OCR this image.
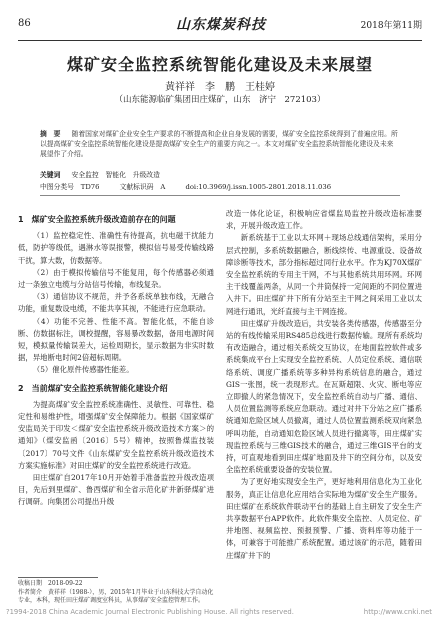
86	山东煤炭科技	2018年第11期
煤矿安全监控系统智能化建设及未来展望
黄祥祥　李　鹏　王桂婷
（山东能源临矿集团田庄煤矿，山东　济宁　272103）
摘　要 　 随着国家对煤矿企业安全生产要求的不断提高和企业自身发展的需要，煤矿安全监控系统得到了普遍应用。所以提高煤矿安全监控系统智能化建设是提高煤矿安全生产的重要方向之一。本文对煤矿安全监控系统智能化建设及未来展望作了介绍。
关键词 　 安全监控　智能化　升级改造
中图分类号　TD76	文献标识码　A	doi:10.3969/j.issn.1005-2801.2018.11.036

1　煤矿安全监控系统升级改造前存在的问题

（1）监控稳定性、准确性有待提高，抗电磁干扰能力低，防护等级低，遇淋水等误报警，模拟信号易受传输线路干扰，算大数，仿数据等。

（2）由于模拟传输信号不能复用，每个传感器必须通过一条独立电缆与分站信号传输，布线复杂。

（3）通信协议不规范，并予各系统单独布线，无融合功能，重复数设电缆，不能共享其视，不能进行应急联动。

（4）功能不完善、性能不高。智能化低，不能自诊断、仿数据标注，调校提醒，容易暴改数据，备用电源时间短，模拟量传输误差大，运检周期长，显示数据为非实时数据，异地断电时间2倍超标周期。

（5）催化原件传感器性能差。

2　当前煤矿安全监控系统智能化建设介绍

为提高煤矿安全监控系统准确性、灵敏性、可靠性、稳定性和易维护性，增强煤矿安全保障能力。根据《国家煤矿安监局关于印发＜煤矿安全监控系统升级改造技术方案＞的通知》（煤安监函〔2016〕5号）精神，按照鲁煤监技装〔2017〕70号文件《山东煤矿安全监控系统升级改造技术方案实施标准》对田庄煤矿的安全监控系统进行改造。

田庄煤矿自2017年10月开始着手准备监控升级改造项目，先后到里煤矿、鲁西煤矿和全省示范化矿井新驿煤矿进行调研。向集团公司提出升级

改造一体化论证，积极响应省煤监局监控升级改造标准要求，开展升级改造工作。

新系统基于工业以太环网＋现场总线通信架构，采用分层式控制，多系统数据融合，断线续传、电源重设、设备故障诊断等技术，部分指标超过同行业水平。作为KJ70X煤矿安全监控系统的专用主干网，不与其他系统共用环网。环网主干线覆盖两条，从同一个井筒保持一定间距的不同位置进入井下。田庄煤矿井下所有分站至主干网之间采用工业以太网进行通讯，光纤直接与主干网连接。

田庄煤矿升级改造后，共安装各类传感器，传感器至分站的有线传输采用RS485总线进行数据传输。现所有系统均有改造融合，通过相关系统交互协议，在地面监控软件或多系统集成平台上实现安全监控系统、人员定位系统、通信联络系统、调度广播系统等多种异构系统信息的融合，通过GIS一张图，统一表现形式。在瓦斯超限、火灾、断电等应立即撤人的紧急情况下，安全监控系统自动与广播、通信、人员位置监测等系统应急联动。通过对井下分站之应广播系统通知危险区域人员撤离，通过人员位置监测系统双向紧急呼叫功能，自动通知危险区域人员进行撤离等，田庄煤矿实现监控系统与三维GIS技术的融合，通过三维GIS平台的支持，可直观地看到田庄煤矿地面及井下的空间分布，以及安全监控系统重要设备的安装位置。

为了更好地实现安全生产，更好地利用信息化为工业化服务，真正让信息化应用结合实际地为煤矿安全生产服务。田庄煤矿在系统软件联动平台的基础上自主研发了安全生产共享数据平台APP软件。此软件集安全监控、人员定位、矿井地图、视频监控、预报预警、广播、资料库等功能于一体，可兼容于可能推广系统配置。通过该矿的示范，随着田庄煤矿井下的

收稿日期　2018-09-22
作者简介　黄祥祥（1988-），男，2015年1月毕业于山东科技大学自动化专业，本科，现任田庄煤矿调度室科员，从事煤矿安全监控管理工作。
?1994-2018 China Academic Journal Electronic Publishing House. All rights reserved.	http://www.cnki.net
